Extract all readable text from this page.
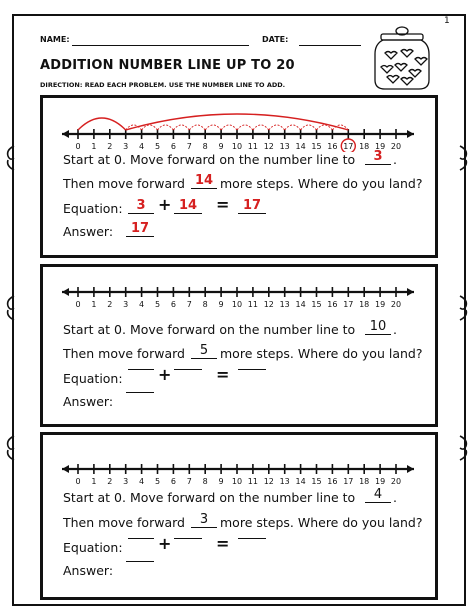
1
NAME:	DATE:
ADDITION NUMBER LINE UP TO 20
DIRECTION: READ EACH PROBLEM. USE THE NUMBER LINE TO ADD.
0 1 2 3 4 5 6 7 8 9 10 11 12 13 14 15 16 17 18 19 20
Start at 0. Move forward on the number line to	3 .
Then move forward 14 more steps. Where do you land?
Equation:	3 + 14	=	17
Answer:	17
0 1 2 3 4 5 6 7 8 9 10 11 12 13 14 15 16 17 18 19 20
Start at 0. Move forward on the number line to	10 .
Then move forward	5 more steps. Where do you land?
Equation: +	=
Answer:
0 1 2 3 4 5 6 7 8 9 10 11 12 13 14 15 16 17 18 19 20
Start at 0. Move forward on the number line to	4 .
Then move forward	3 more steps. Where do you land?
Equation: +	=
Answer:
